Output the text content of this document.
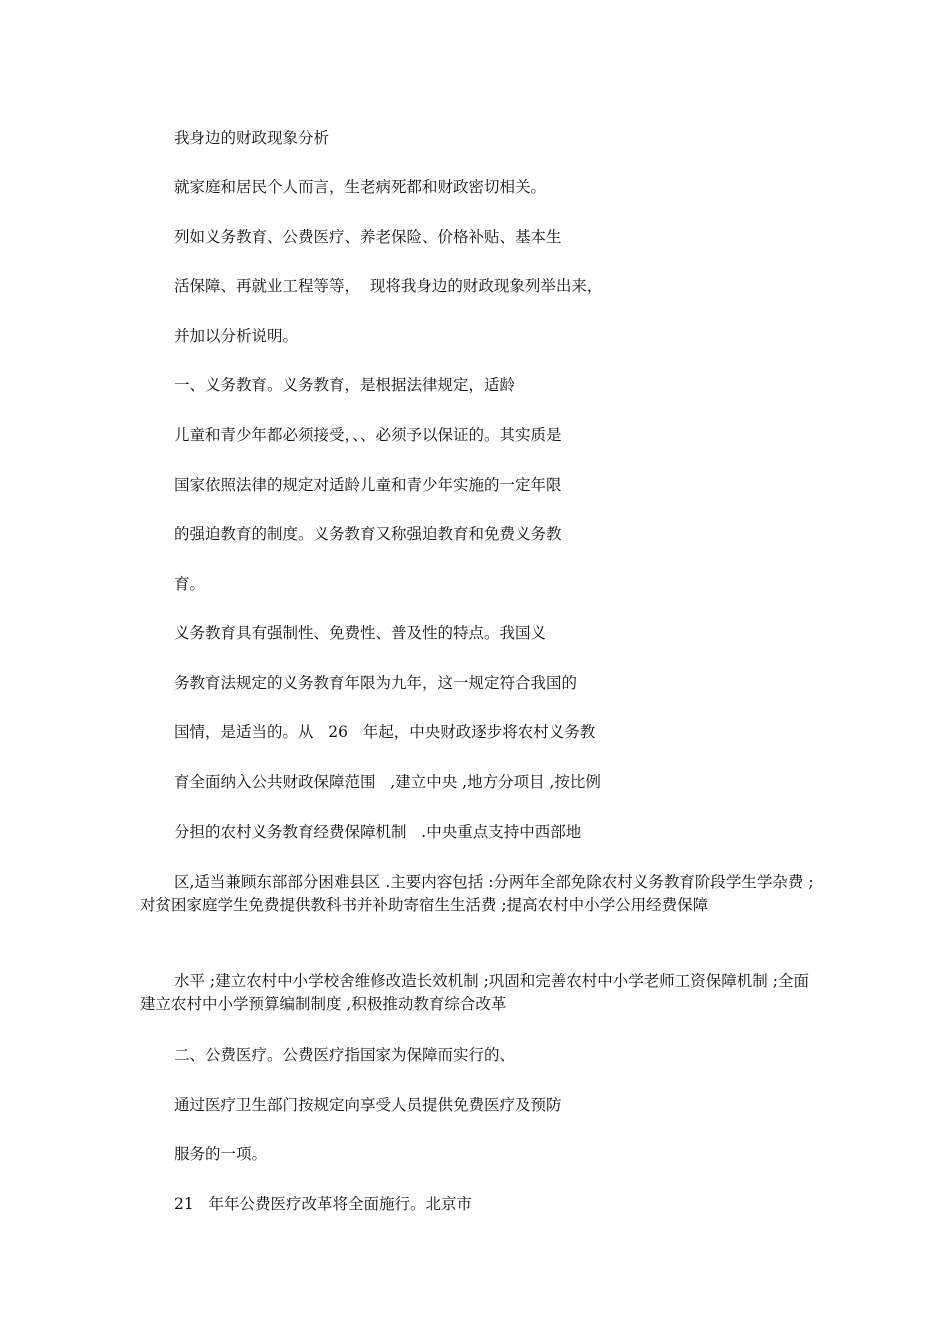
我身边的财政现象分析
就家庭和居民个人而言，生老病死都和财政密切相关。
列如义务教育、公费医疗、养老保险、价格补贴、基本生
活保障、再就业工程等等，  现将我身边的财政现象列举出来，
并加以分析说明。
一、义务教育。义务教育，是根据法律规定，适龄
儿童和青少年都必须接受，、、必须予以保证的。其实质是
国家依照法律的规定对适龄儿童和青少年实施的一定年限
的强迫教育的制度。义务教育又称强迫教育和免费义务教
育。
义务教育具有强制性、免费性、普及性的特点。我国义
务教育法规定的义务教育年限为九年，这一规定符合我国的
国情，是适当的。从   26   年起，中央财政逐步将农村义务教
育全面纳入公共财政保障范围   ,建立中央 ,地方分项目 ,按比例
分担的农村义务教育经费保障机制   .中央重点支持中西部地
区,适当兼顾东部部分困难县区 .主要内容包括 :分两年全部免除农村义务教育阶段学生学杂费 ;对贫困家庭学生免费提供教科书并补助寄宿生生活费 ;提高农村中小学公用经费保障
水平 ;建立农村中小学校舍维修改造长效机制 ;巩固和完善农村中小学老师工资保障机制 ;全面建立农村中小学预算编制制度 ,积极推动教育综合改革
二、公费医疗。公费医疗指国家为保障而实行的、
通过医疗卫生部门按规定向享受人员提供免费医疗及预防
服务的一项。
21   年年公费医疗改革将全面施行。北京市
